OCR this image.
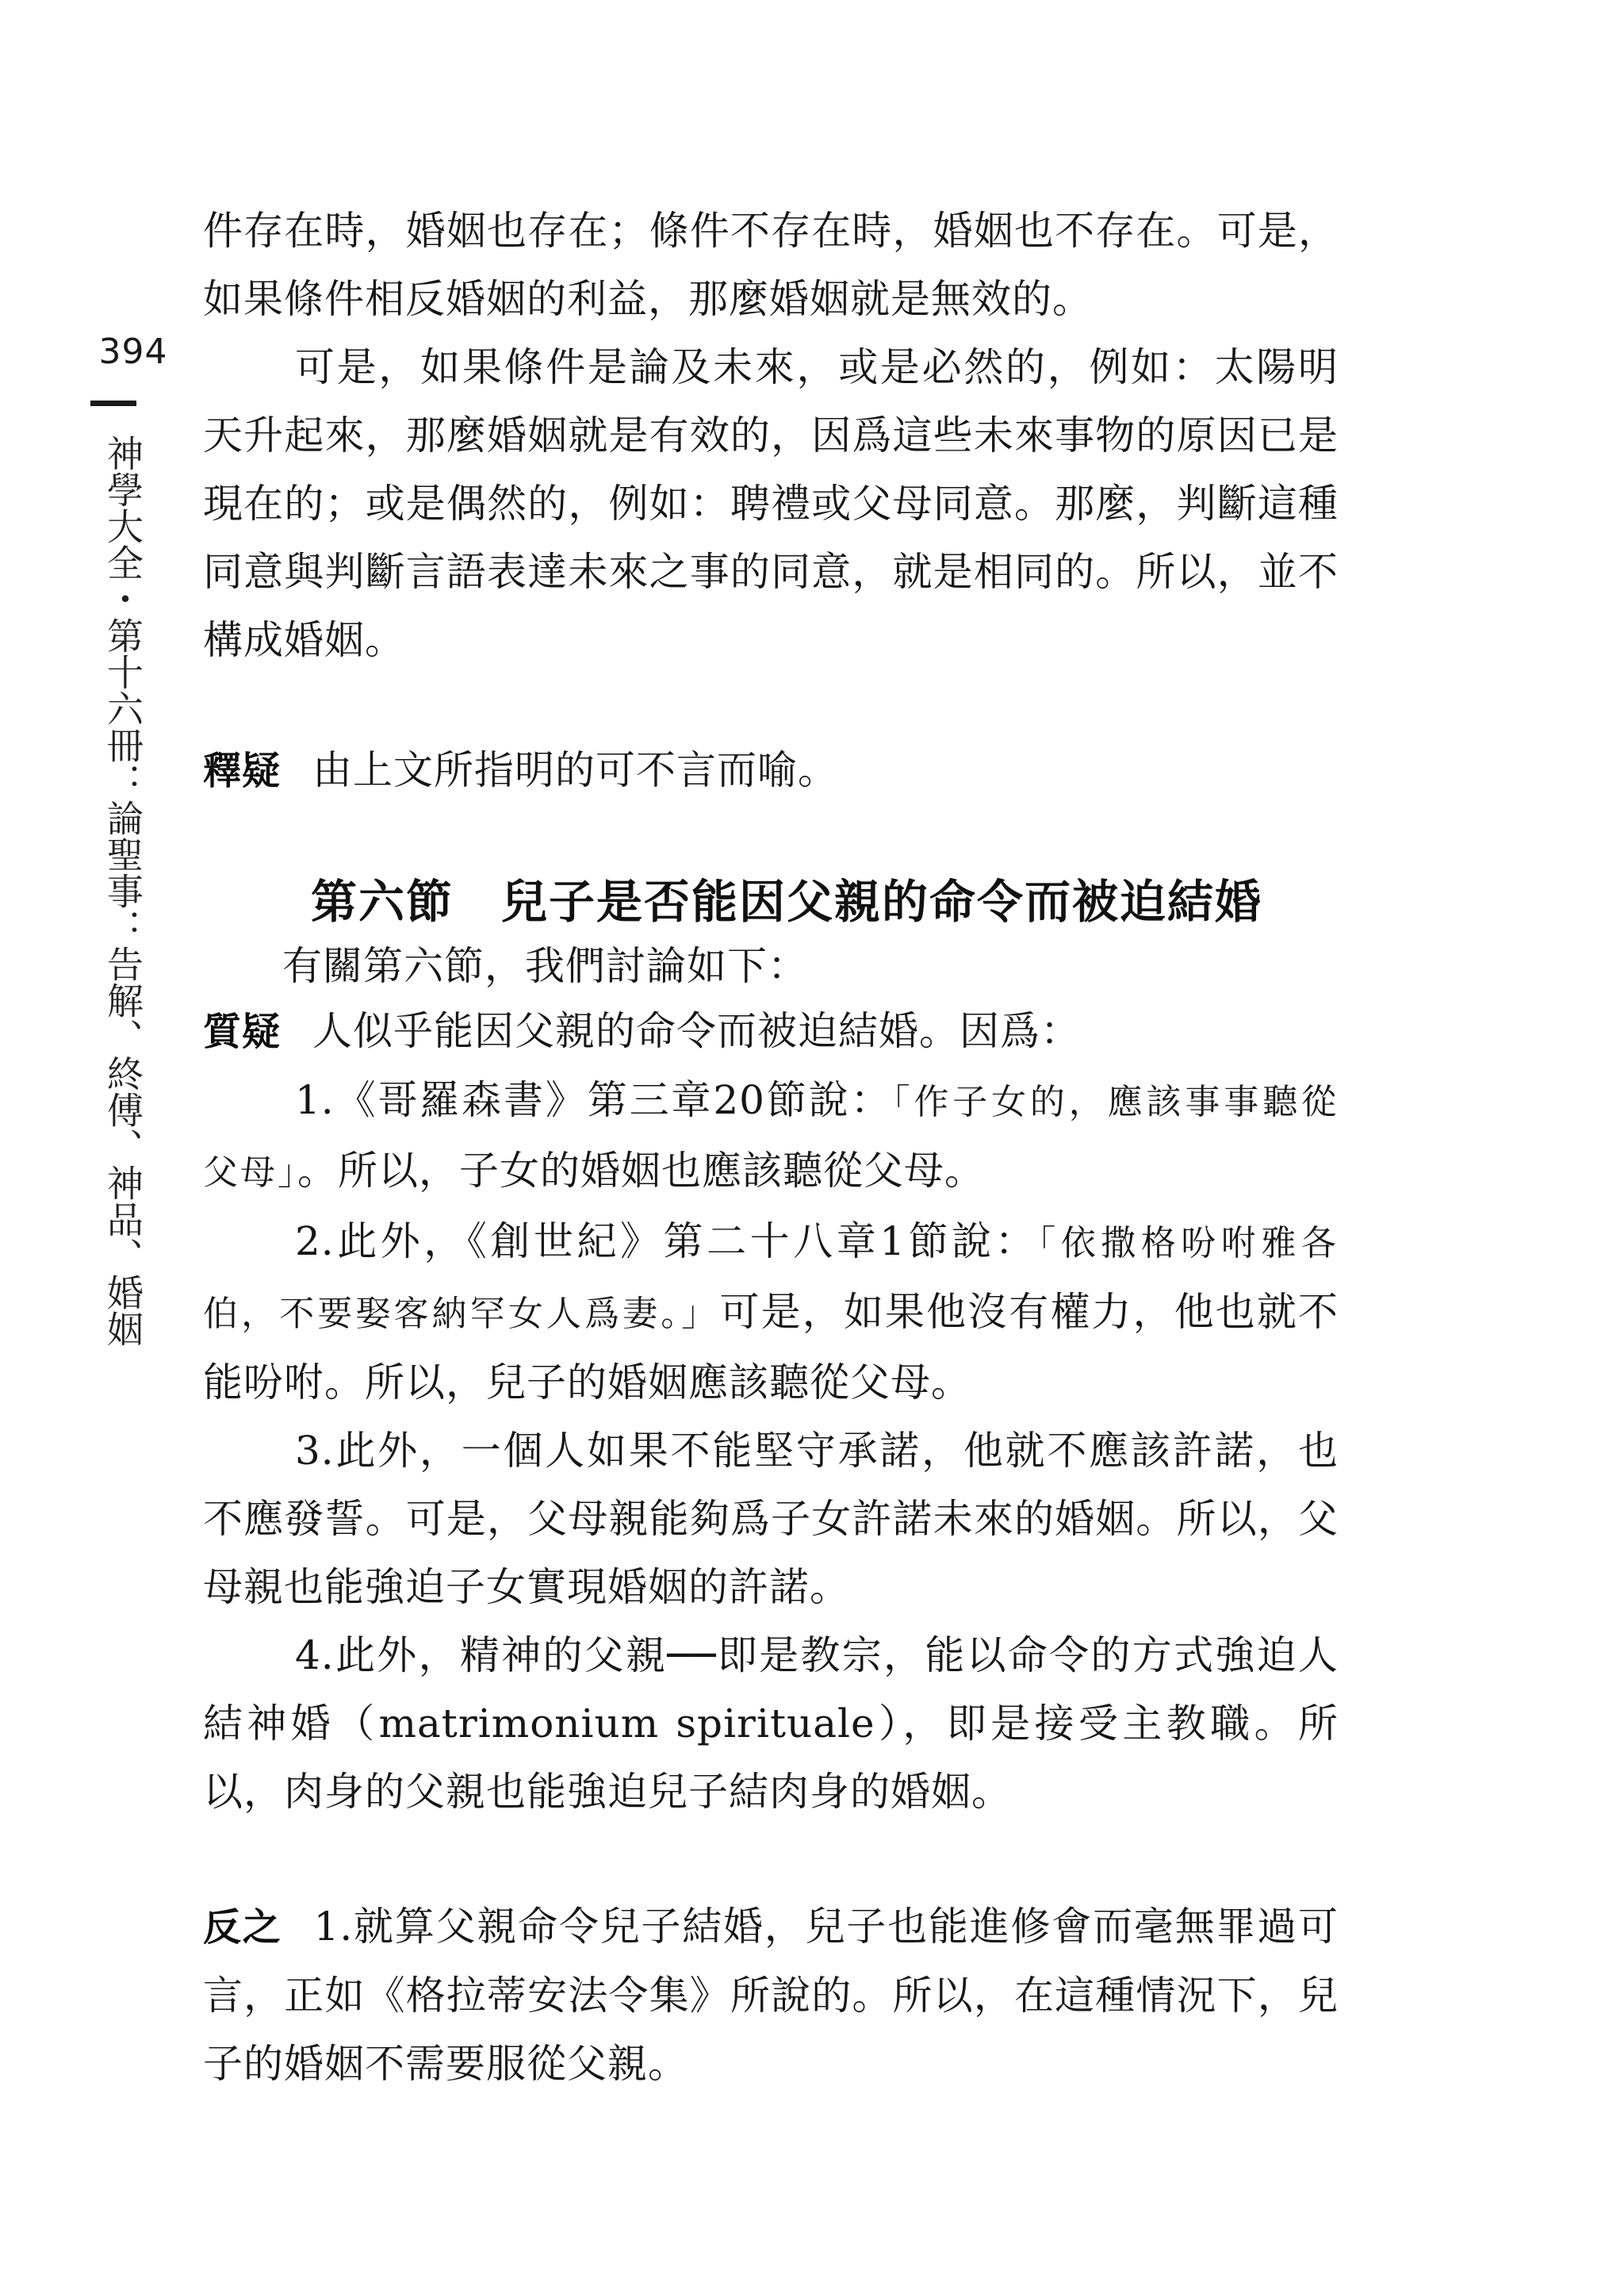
394
神學大全・第十六冊：論聖事：告解、終傅、神品、婚姻

件存在時，婚姻也存在；條件不存在時，婚姻也不存在。可是，如果條件相反婚姻的利益，那麼婚姻就是無效的。

可是，如果條件是論及未來，或是必然的，例如：太陽明天升起來，那麼婚姻就是有效的，因爲這些未來事物的原因已是現在的；或是偶然的，例如：聘禮或父母同意。那麼，判斷這種同意與判斷言語表達未來之事的同意，就是相同的。所以，並不構成婚姻。

釋疑 由上文所指明的可不言而喻。

第六節　兒子是否能因父親的命令而被迫結婚

有關第六節，我們討論如下：

質疑 人似乎能因父親的命令而被迫結婚。因爲：

1.《哥羅森書》第三章20節說：「作子女的，應該事事聽從父母」。所以，子女的婚姻也應該聽從父母。

2.此外，《創世紀》第二十八章1節說：「依撒格吩咐雅各伯，不要娶客納罕女人爲妻。」可是，如果他沒有權力，他也就不能吩咐。所以，兒子的婚姻應該聽從父母。

3.此外，一個人如果不能堅守承諾，他就不應該許諾，也不應發誓。可是，父母親能夠爲子女許諾未來的婚姻。所以，父母親也能強迫子女實現婚姻的許諾。

4.此外，精神的父親──即是教宗，能以命令的方式強迫人結神婚（matrimonium spirituale），即是接受主教職。所以，肉身的父親也能強迫兒子結肉身的婚姻。

反之 1.就算父親命令兒子結婚，兒子也能進修會而毫無罪過可言，正如《格拉蒂安法令集》所說的。所以，在這種情況下，兒子的婚姻不需要服從父親。
